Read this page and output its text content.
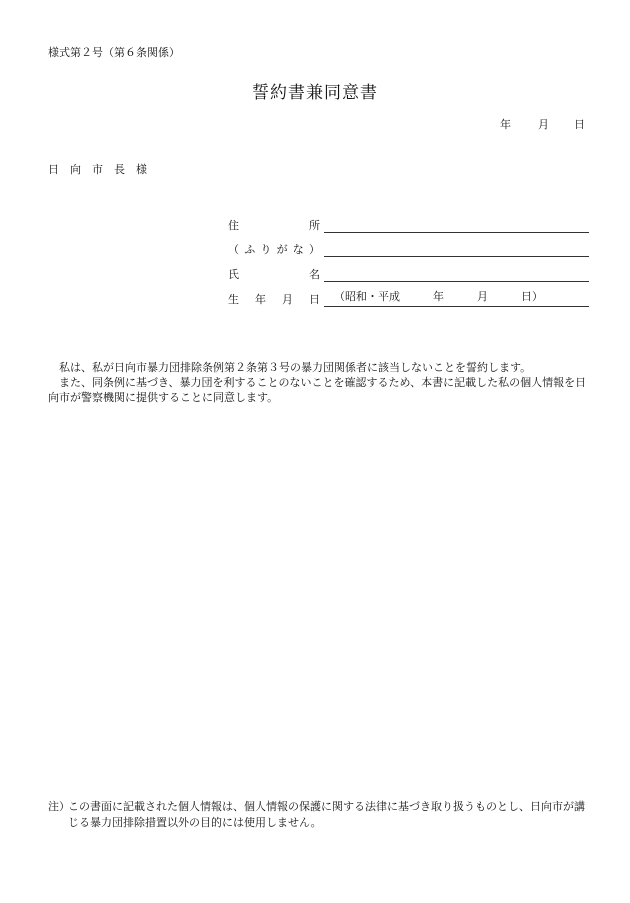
様式第２号（第６条関係）
誓約書兼同意書
年 月 日
日　向　市　長　様
住	所
（ ふ り が な ）
氏	名
生 年 月 日 （昭和・平成　　　年　　　月　　　日）

　私は、私が日向市暴力団排除条例第２条第３号の暴力団関係者に該当しないことを誓約します。

　また、同条例に基づき、暴力団を利することのないことを確認するため、本書に記載した私の個人情報を日向市が警察機関に提供することに同意します。

注）
この書面に記載された個人情報は、個人情報の保護に関する法律に基づき取り扱うものとし、日向市が講じる暴力団排除措置以外の目的には使用しません。
